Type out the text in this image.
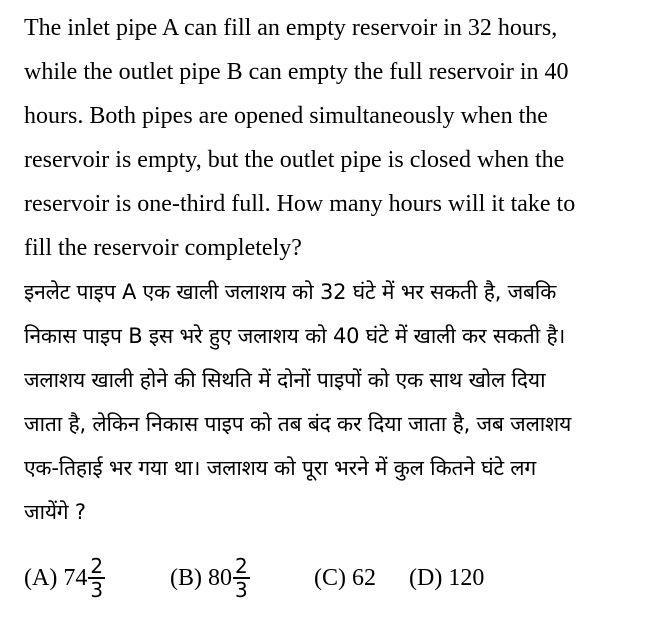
The inlet pipe A can fill an empty reservoir in 32 hours,
while the outlet pipe B can empty the full reservoir in 40
hours. Both pipes are opened simultaneously when the
reservoir is empty, but the outlet pipe is closed when the
reservoir is one-third full. How many hours will it take to
fill the reservoir completely?
इनलेट पाइप A एक खाली जलाशय को 32 घंटे में भर सकती है, जबकि
निकास पाइप B इस भरे हुए जलाशय को 40 घंटे में खाली कर सकती है।
जलाशय खाली होने की सिथति में दोनों पाइपों को एक साथ खोल दिया
जाता है, लेकिन निकास पाइप को तब बंद कर दिया जाता है, जब जलाशय
एक-तिहाई भर गया था। जलाशय को पूरा भरने में कुल कितने घंटे लग
जायेंगे ?
(A) $74 \frac{2}{3}$	(B) $80 \frac{2}{3}$	(C) 62 (D) 120
